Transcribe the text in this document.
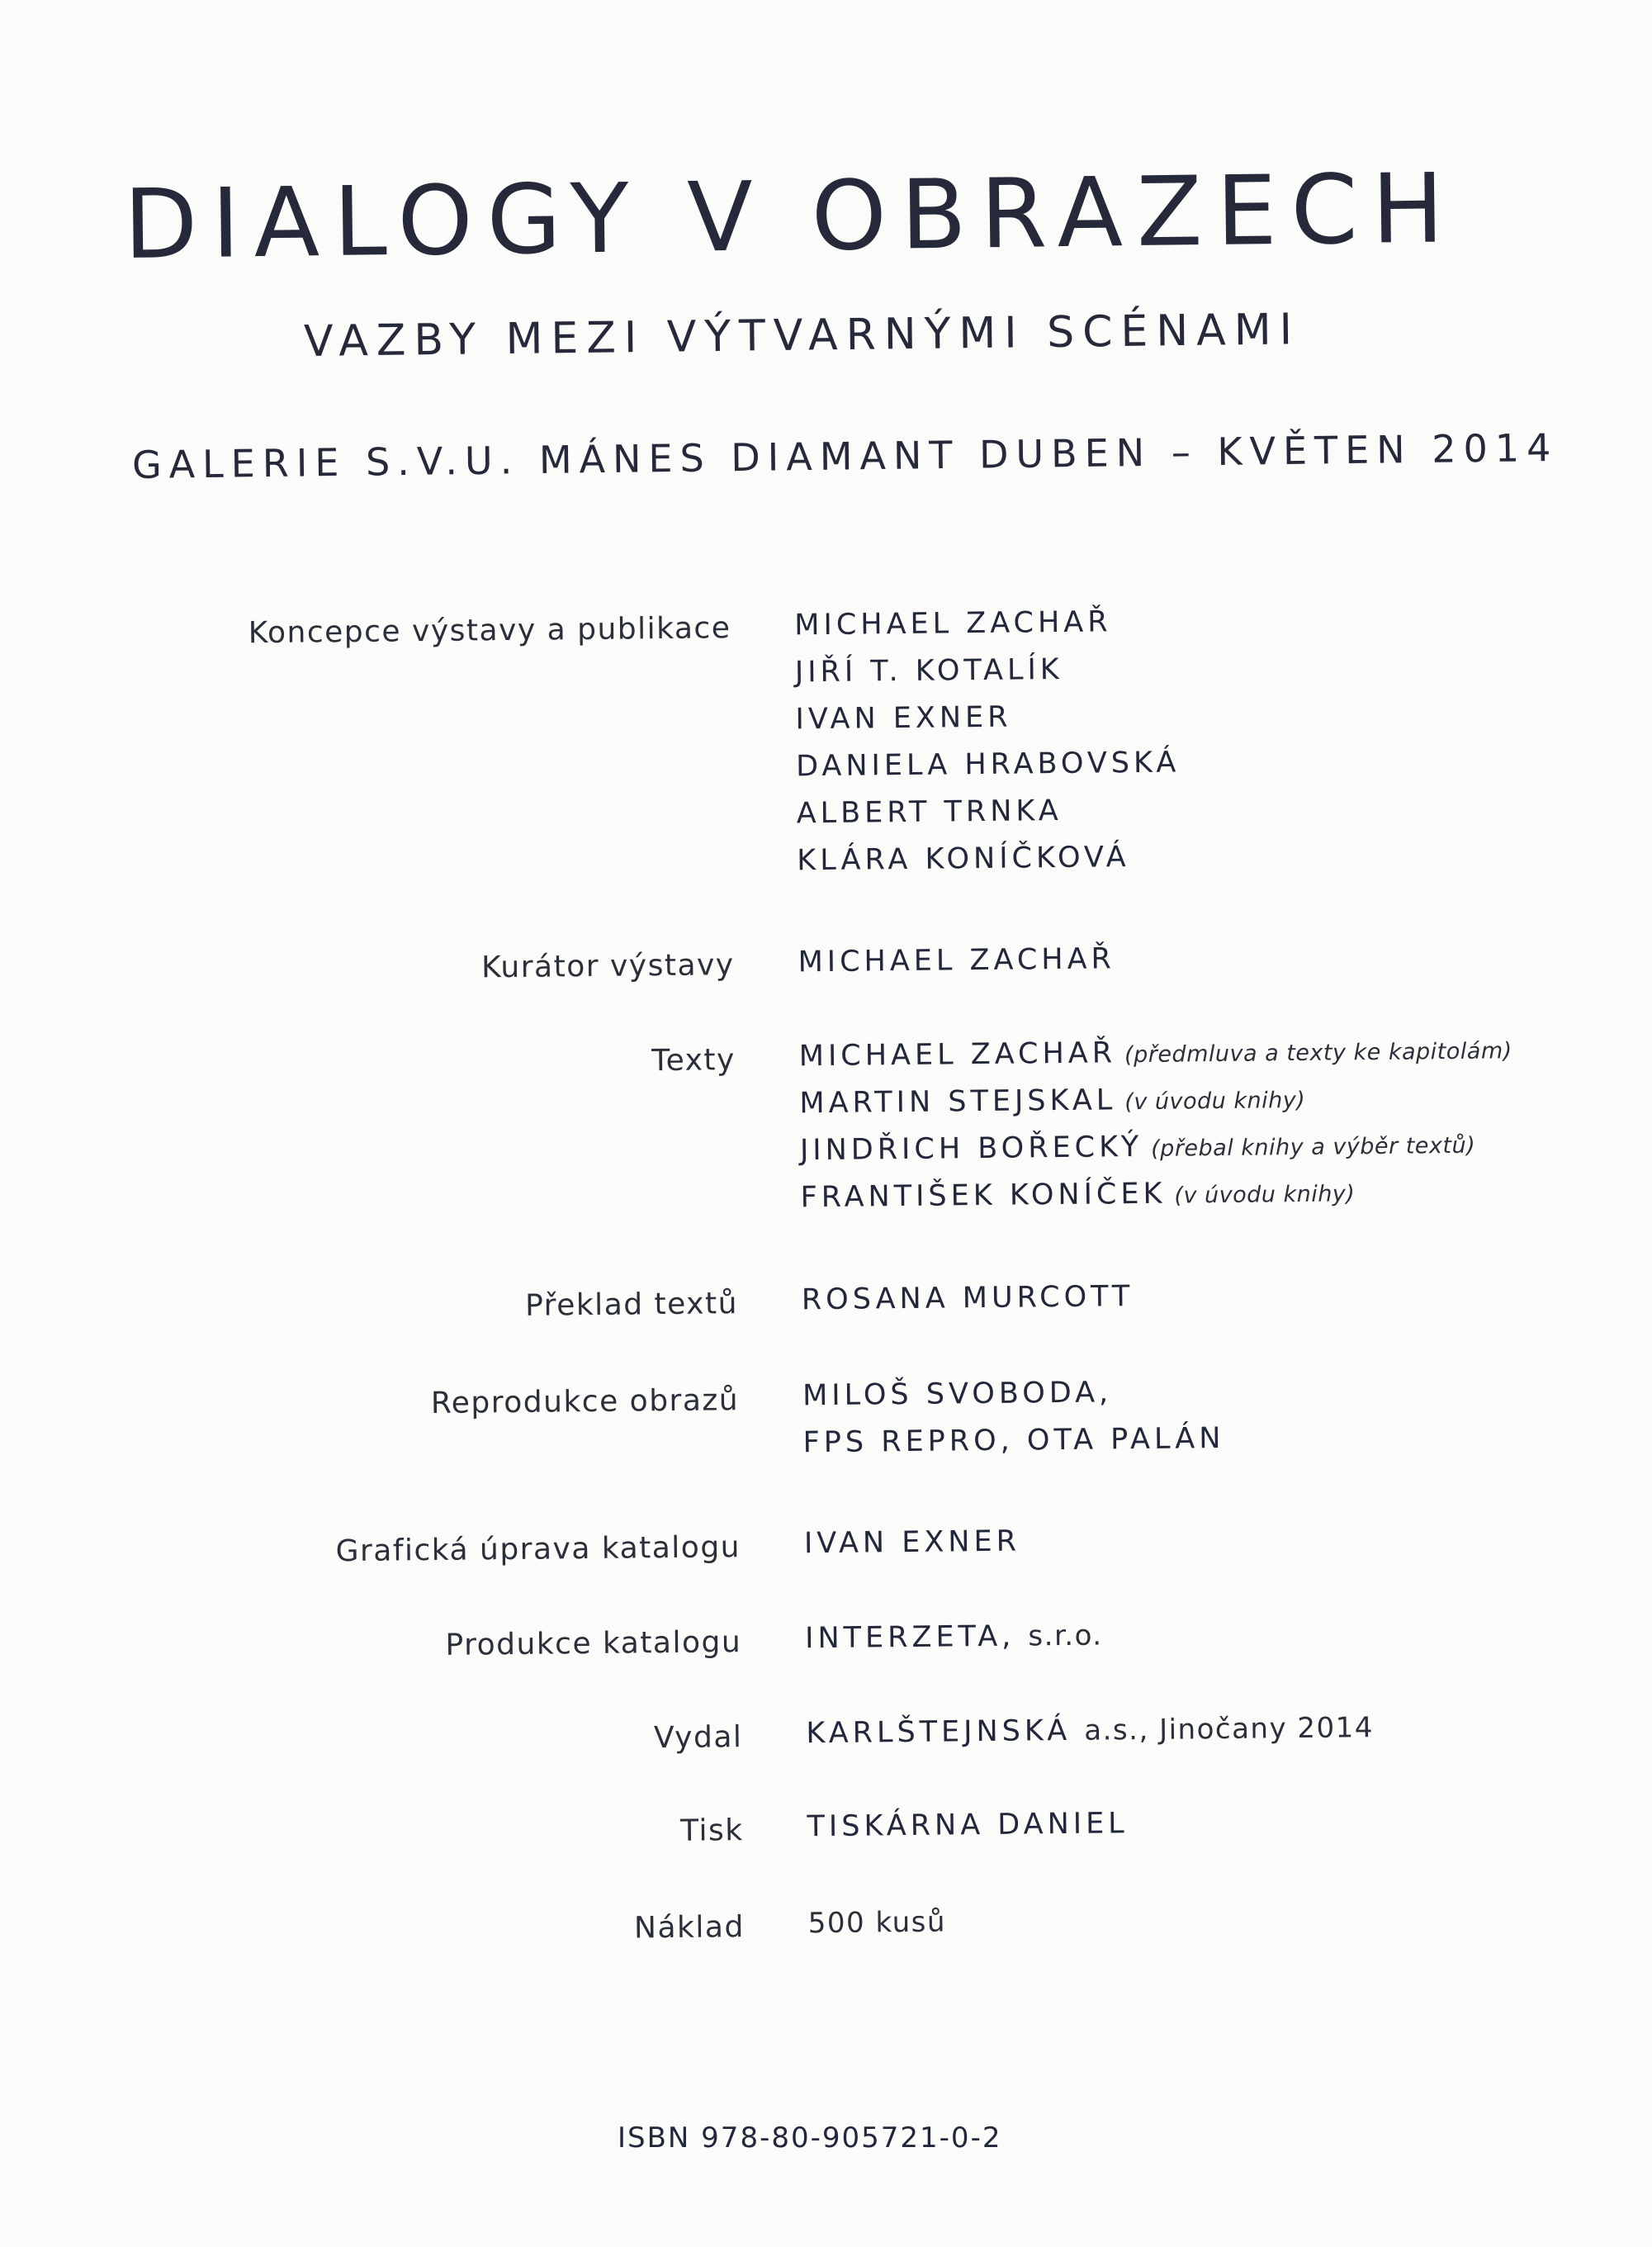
DIALOGY V OBRAZECH
VAZBY MEZI VÝTVARNÝMI SCÉNAMI
GALERIE S.V.U. MÁNES DIAMANT DUBEN – KVĚTEN 2014
Koncepce výstavy a publikace MICHAEL ZACHAŘ
JIŘÍ T. KOTALÍK
IVAN EXNER
DANIELA HRABOVSKÁ
ALBERT TRNKA
KLÁRA KONÍČKOVÁ
Kurátor výstavy MICHAEL ZACHAŘ
Texty MICHAEL ZACHAŘ (předmluva a texty ke kapitolám)
MARTIN STEJSKAL (v úvodu knihy)
JINDŘICH BOŘECKÝ (přebal knihy a výběr textů)
FRANTIŠEK KONÍČEK (v úvodu knihy)
Překlad textů ROSANA MURCOTT
Reprodukce obrazů MILOŠ SVOBODA,
FPS REPRO, OTA PALÁN
Grafická úprava katalogu IVAN EXNER
Produkce katalogu INTERZETA, s.r.o.
Vydal KARLŠTEJNSKÁ a.s., Jinočany 2014
Tisk TISKÁRNA DANIEL
Náklad 500 kusů
ISBN 978-80-905721-0-2
